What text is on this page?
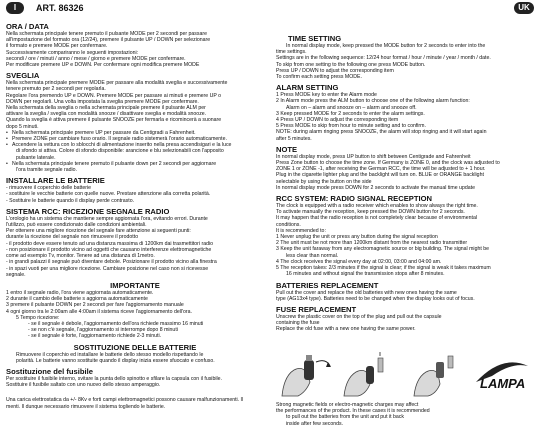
I	ART. 86326	UK
ORA / DATA
Nella schermata principale tenere premuto il pulsante MODE per 2 secondi per passare
all'impostazione del formato ora (12/24), premere il pulsante UP / DOWN per selezionare
il formato e premere MODE per confermare.
Successivamente compariranno le seguenti impostazioni:
secondi / ore / minuti / anno / mese / giorno e premere MODE per confermare.
Per modificare premere UP e DOWN. Per confermare ogni modifica premere MODE
SVEGLIA
Nella schermata principale premere MODE per passare alla modalità sveglia e successivamente
tenere premuto per 2 secondi per regolarla.
Regolare l'ora premendo UP e DOWN. Premere MODE per passare ai minuti e premere UP o
DOWN per regolarli. Una volta impostata la sveglia premere MODE per confermare.
Nella schermata della sveglia o nella schermata principale premere il pulsante ALM per
attivare la sveglia / sveglia con modalità snooze / disattivare sveglia e modalità snooze.
Quando la sveglia è attiva premere il pulsante SNOOZE per fermarla e ricomincerà a suonare
dopo 5 minuti.
• Nella schermata principale premere UP per passare da Centigradi a Fahrenheit.
• Premere ZONE per cambiare fuso orario. Il segnale radio sistemerà l'orario automaticamente.
• Accendere la vettura con lo sblocchi di alimentazione inserito nella presa accendisigari e la luce
di sfondo si attiva. Colore di sfondo disponibile: arancione e blu selezionabili con l'apposito
pulsante laterale.
• Nella schermata principale tenere premuto il pulsante down per 2 secondi per aggiornare
l'ora tramite segnale radio.
INSTALLARE LE BATTERIE
- rimuovere il coperchio delle batterie
- sostituire le vecchie batterie con quelle nuove. Prestare attenzione alla corretta polarità.
- Sostituire le batterie quando il display perde contrasto.
SISTEMA RCC: RICEZIONE SEGNALE RADIO
L'orologio ha un sistema che mantiene sempre aggiornata l'ora, evitando errori. Durante
l'utilizzo, può essere condizionato dalle condizioni ambientali.
Per ottenere una migliore ricezione del segnale fare attenzione ai seguenti punti:
durante la ricezione del segnale non rimuovere il prodotto
- il prodotto deve essere tenuto ad una distanza massima di 1200km dai trasmettitori radio
- non posizionare il prodotto vicino ad oggetti che causano interferenze elettromagnetiche
come ad esempio Tv, monitor. Tenere ad una distanza di 1metro.
- in grandi palazzi il segnale può diventare debole. Posizionare il prodotto vicino alla finestra
- in spazi vuoti per una migliore ricezione. Cambiare posizione nel caso non si ricevesse
segnale.
IMPORTANTE
1 entro il segnale radio, l'ora viene aggiornata automaticamente.
2 durante il cambio delle batterie s aggiorna automaticamente
3 premere il pulsante DOWN per 2 secondi per fare l'aggiornamento manuale
4 ogni giorno tra le 2:00am alle 4:00am il sistema riceve l'aggiornamento dell'ora.
5 Tempo ricezione:
- se il segnale è debole, l'aggiornamento dell'ora richiede massimo 16 minuti
- se non c'è segnale, l'aggiornamento si interrompe dopo 8 minuti
- se il segnale è forte, l'aggiornamento richiede 2-3 minuti.
SOSTITUZIONE DELLE BATTERIE
Rimuovere il coperchio ed installare le batterie dello stesso modello rispettando le
polarità. Le batterie vanno sostituite quando il display inizia essere sfuocato e confuso.
Sostituzione del fusibile
Per sostituire il fusibile interno, svitare la punta dello spinotto e sfilare la capsula con il fusibile.
Sostituire il fusibile saltato con uno nuovo dello stesso amperaggio.
Una carica elettrostatica da +/- 8Kv e forti campi elettromagnetici possono causare malfunzionamenti. Il
menti. Il dunque necessario rimuovere il sistema togliendo le batterie.
TIME SETTING
In normal display mode, keep pressed the MODE button for 2 seconds to enter into the
time settings.
Settings are in the following sequence: 12/24 hour format / hour / minute / year / month / date.
To skip from one setting to the following one press MODE button.
Press UP / DOWN to adjust the corresponding item
To confirm each setting press MODE.
ALARM SETTING
1 Press MODE key to enter the Alarm mode
2 In Alarm mode press the ALM button to choose one of the following alarm function:
Alarm on – alarm and snooze on – alarm and snooze off.
3 Keep pressed MODE for 2 seconds to enter the alarm settings.
4 Press UP / DOWN to adjust the corresponding item
5 Press MODE to skip from hour to minute setting and to confirm.
NOTE: during alarm ringing press SNOOZE, the alarm will stop ringing and it will start again
after 5 minutes.
NOTE
In normal display mode, press UP button to shift between Centigrade and Fahrenheit
Press Zone button to choose the time zone. If Germany is ZONE 0, and the clock was adjusted to
ZONE 1 or ZONE -1, after receiving the German RCC, the time will be adjusted to + 1 hour.
Plug in the cigarette lighter plug and the backlight will turn on. BLUE or ORANGE backlight
selectable by using the button on the side
In normal display mode press DOWN for 2 seconds to activate the manual time update
RCC SYSTEM: RADIO SIGNAL RECEPTION
The clock is equipped with a radio receiver which enables to show always the right time.
To activate manually the reception, keep pressed the DOWN button for 2 seconds.
It may happen that the radio reception is not completely clear because of environmental
conditions.
It is recommended to:
1 Never unplug the unit or press any button during the signal reception
2 The unit must be not more than 1200km distant from the nearest radio transmitter
3 Keep the unit faraway from any electromagnetic source or big building. The signal might be
less clear than normal.
4 The clock receives the signal every day at 02:00, 03:00 and 04:00 am.
5 The reception takes: 2/3 minutes if the signal is clear; if the signal is weak it takes maximum
16 minutes and without signal the transmission stops after 8 minutes.
BATTERIES REPLACEMENT
Pull out the cover and replace the old batteries with new ones having the same
type (AG13x4 type). Batteries need to be changed when the display looks out of focus.
FUSE REPLACEMENT
Unscrew the plastic cover on the top of the plug and pull out the capsule
containing the fuse
Replace the old fuse with a new one having the same power.
LAMPA
Strong magnetic fields or electro-magnetic charges may affect
the performances of the product. In these cases it is recommended
to pull out the batteries from the unit and put it back
inside after few seconds.
